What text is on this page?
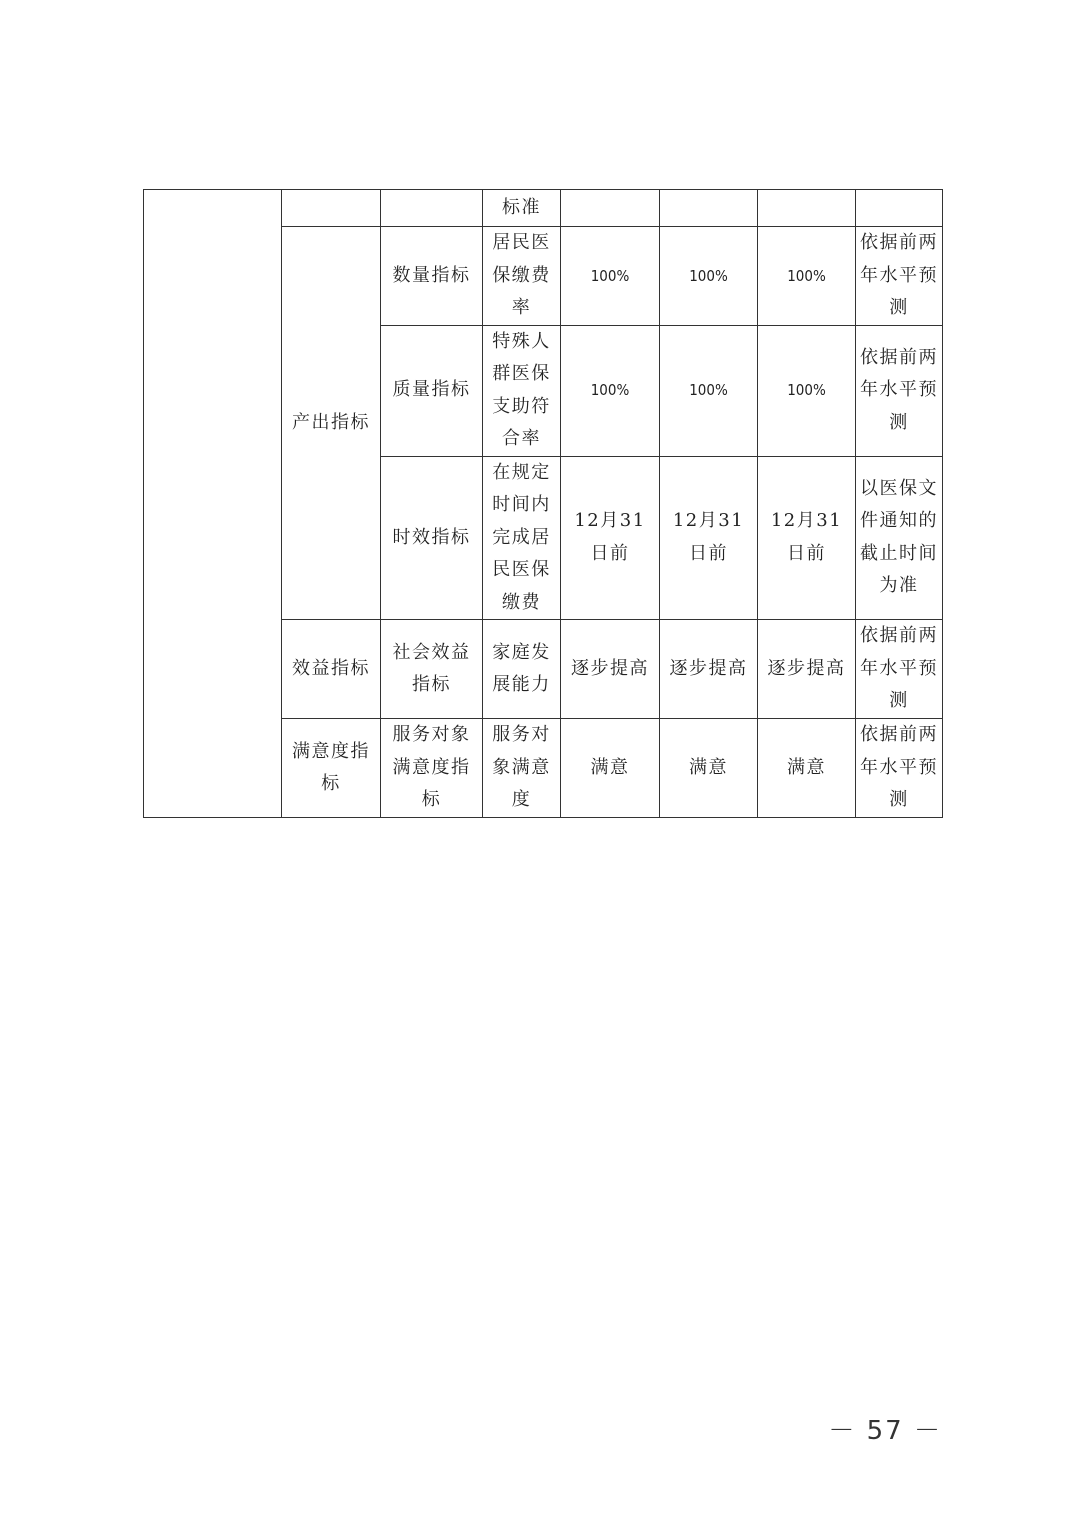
			标准				
	产出指标	数量指标	居民医保缴费率	100%	100%	100%	依据前两年水平预测
		质量指标	特殊人群医保支助符合率	100%	100%	100%	依据前两年水平预测
		时效指标	在规定时间内完成居民医保缴费	12月31日前	12月31日前	12月31日前	以医保文件通知的截止时间为准
	效益指标	社会效益指标	家庭发展能力	逐步提高	逐步提高	逐步提高	依据前两年水平预测
	满意度指标	服务对象满意度指标	服务对象满意度	满意	满意	满意	依据前两年水平预测
－ 57 －
